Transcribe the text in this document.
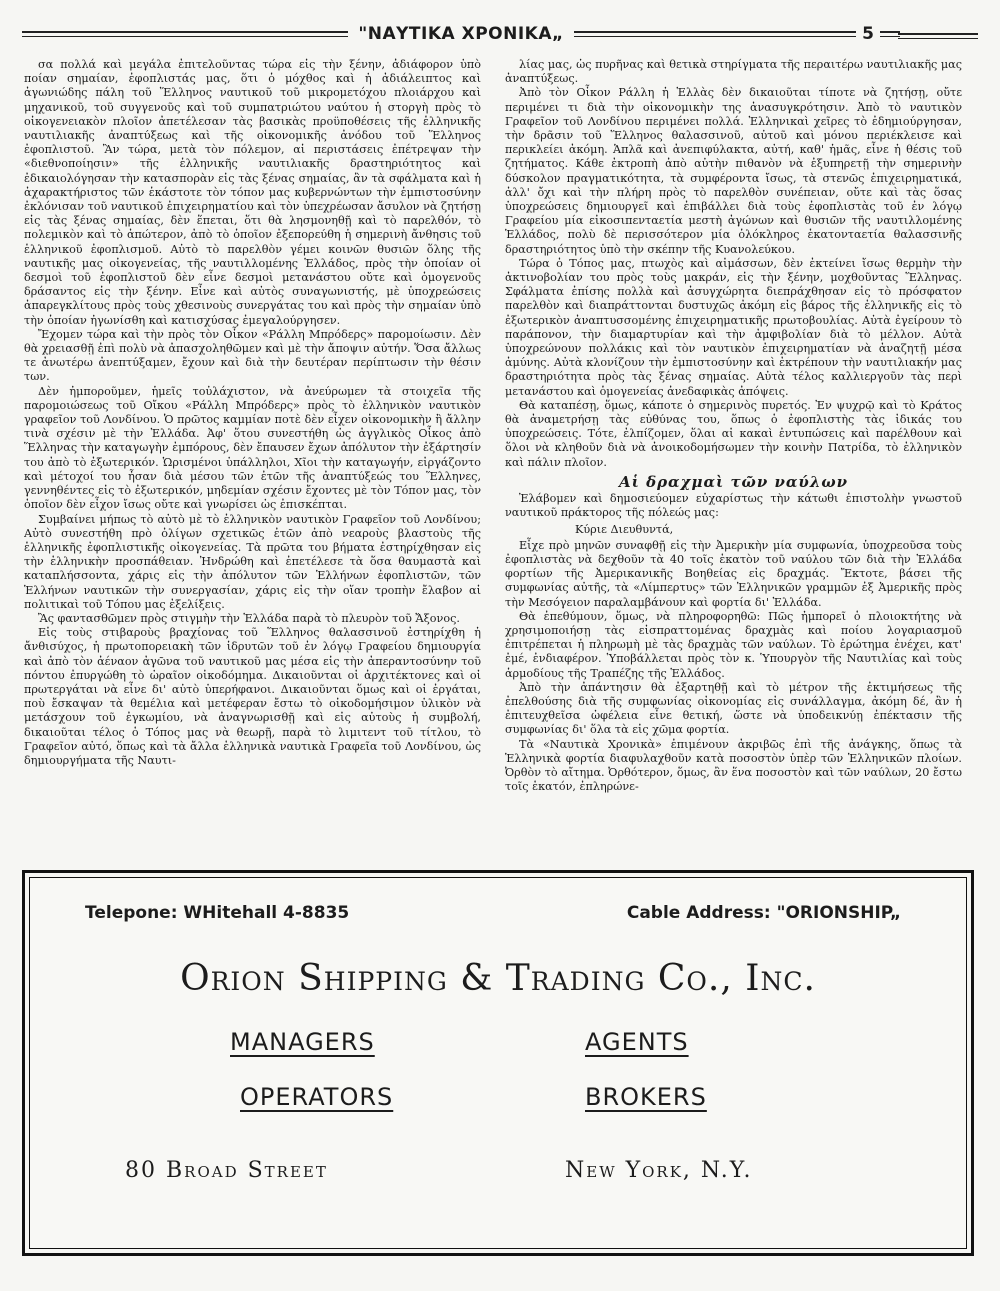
"ΝΑΥΤΙΚΑ ΧΡΟΝΙΚΑ„	5

σα πολλά καὶ μεγάλα ἐπιτελοῦντας τώρα εἰς τὴν ξένην, ἀδιάφορον ὑπὸ ποίαν σημαίαν, ἐφοπλιστάς μας, ὅτι ὁ μόχθος καὶ ἡ ἀδιάλειπτος καὶ ἀγωνιώδης πάλη τοῦ Ἕλληνος ναυτικοῦ τοῦ μικρομετόχου πλοιάρχου καὶ μηχανικοῦ, τοῦ συγγενοῦς καὶ τοῦ συμπατριώτου ναύτου ἡ στοργὴ πρὸς τὸ οἰκογενειακὸν πλοῖον ἀπετέλεσαν τὰς βασικὰς προϋποθέσεις τῆς ἑλληνικῆς ναυτιλιακῆς ἀναπτύξεως καὶ τῆς οἰκονομικῆς ἀνόδου τοῦ Ἕλληνος ἐφοπλιστοῦ. Ἂν τώρα, μετὰ τὸν πόλεμον, αἱ περιστάσεις ἐπέτρεψαν τὴν «διεθνοποίησιν» τῆς ἑλληνικῆς ναυτιλιακῆς δραστηριότητος καὶ ἐδικαιολόγησαν τὴν κατασπορὰν εἰς τὰς ξένας σημαίας, ἂν τὰ σφάλματα καὶ ἡ ἀχαρακτήριστος τῶν ἑκάστοτε τὸν τόπον μας κυβερνώντων τὴν ἐμπιστοσύνην ἐκλόνισαν τοῦ ναυτικοῦ ἐπιχειρηματίου καὶ τὸν ὑπεχρέωσαν ἄσυλον νὰ ζητήσῃ εἰς τὰς ξένας σημαίας, δὲν ἕπεται, ὅτι θὰ λησμονηθῇ καὶ τὸ παρελθόν, τὸ πολεμικὸν καὶ τὸ ἀπώτερον, ἀπὸ τὸ ὁποῖον ἐξεπορεύθη ἡ σημερινὴ ἄνθησις τοῦ ἑλληνικοῦ ἐφοπλισμοῦ. Αὐτὸ τὸ παρελθὸν γέμει κοινῶν θυσιῶν ὅλης τῆς ναυτικῆς μας οἰκογενείας, τῆς ναυτιλλομένης Ἑλλάδος, πρὸς τὴν ὁποίαν οἱ δεσμοὶ τοῦ ἐφοπλιστοῦ δὲν εἶνε δεσμοὶ μετανάστου οὔτε καὶ ὁμογενοῦς δράσαντος εἰς τὴν ξένην. Εἶνε καὶ αὐτὸς συναγωνιστής, μὲ ὑποχρεώσεις ἀπαρεγκλίτους πρὸς τοὺς χθεσινοὺς συνεργάτας του καὶ πρὸς τὴν σημαίαν ὑπὸ τὴν ὁποίαν ἠγωνίσθη καὶ κατισχύσας ἐμεγαλούργησεν.

Ἔχομεν τώρα καὶ τὴν πρὸς τὸν Οἶκον «Ράλλη Μπρόδερς» παρομοίωσιν. Δὲν θὰ χρειασθῇ ἐπὶ πολὺ νὰ ἀπασχοληθῶμεν καὶ μὲ τὴν ἄποψιν αὐτήν. Ὅσα ἄλλως τε ἀνωτέρω ἀνεπτύξαμεν, ἔχουν καὶ διὰ τὴν δευτέραν περίπτωσιν τὴν θέσιν των.

Δὲν ἠμποροῦμεν, ἡμεῖς τοὐλάχιστον, νὰ ἀνεύρωμεν τὰ στοιχεῖα τῆς παρομοιώσεως τοῦ Οἴκου «Ράλλη Μπρόδερς» πρὸς τὸ ἑλληνικὸν ναυτικὸν γραφεῖον τοῦ Λονδίνου. Ὁ πρῶτος καμμίαν ποτὲ δὲν εἶχεν οἰκονομικὴν ἢ ἄλλην τινὰ σχέσιν μὲ τὴν Ἑλλάδα. Ἀφ' ὅτου συνεστήθη ὡς ἀγγλικὸς Οἶκος ἀπὸ Ἕλληνας τὴν καταγωγὴν ἐμπόρους, δὲν ἔπαυσεν ἔχων ἀπόλυτον τὴν ἐξάρτησίν του ἀπὸ τὸ ἐξωτερικόν. Ὡρισμένοι ὑπάλληλοι, Χῖοι τὴν καταγωγήν, εἰργάζοντο καὶ μέτοχοί του ἦσαν διὰ μέσου τῶν ἐτῶν τῆς ἀναπτύξεώς του Ἕλληνες, γεννηθέντες εἰς τὸ ἐξωτερικόν, μηδεμίαν σχέσιν ἔχοντες μὲ τὸν Τόπον μας, τὸν ὁποῖον δὲν εἶχον ἴσως οὔτε καὶ γνωρίσει ὡς ἐπισκέπται.

Συμβαίνει μήπως τὸ αὐτὸ μὲ τὸ ἑλληνικὸν ναυτικὸν Γραφεῖον τοῦ Λονδίνου; Αὐτὸ συνεστήθη πρὸ ὀλίγων σχετικῶς ἐτῶν ἀπὸ νεαροὺς βλαστοὺς τῆς ἑλληνικῆς ἐφοπλιστικῆς οἰκογενείας. Τὰ πρῶτα του βήματα ἐστηρίχθησαν εἰς τὴν ἑλληνικὴν προσπάθειαν. Ἠνδρώθη καὶ ἐπετέλεσε τὰ ὅσα θαυμαστὰ καὶ καταπλήσσοντα, χάρις εἰς τὴν ἀπόλυτον τῶν Ἑλλήνων ἐφοπλιστῶν, τῶν Ἑλλήνων ναυτικῶν τὴν συνεργασίαν, χάρις εἰς τὴν οἵαν τροπὴν ἔλαβον αἱ πολιτικαὶ τοῦ Τόπου μας ἐξελίξεις.

Ἂς φαντασθῶμεν πρὸς στιγμὴν τὴν Ἑλλάδα παρὰ τὸ πλευρὸν τοῦ Ἄξονος.

Εἰς τοὺς στιβαροὺς βραχίονας τοῦ Ἕλληνος θαλασσινοῦ ἐστηρίχθη ἡ ἄνθισύχος, ἡ πρωτοπορειακὴ τῶν ἱδρυτῶν τοῦ ἐν λόγῳ Γραφείου δημιουργία καὶ ἀπὸ τὸν ἀέναον ἀγῶνα τοῦ ναυτικοῦ μας μέσα εἰς τὴν ἀπεραντοσύνην τοῦ πόντου ἐπυργώθη τὸ ὡραῖον οἰκοδόμημα. Δικαιοῦνται οἱ ἀρχιτέκτονες καὶ οἱ πρωτεργάται νὰ εἶνε δι' αὐτὸ ὑπερήφανοι. Δικαιοῦνται ὅμως καὶ οἱ ἐργάται, ποὺ ἔσκαψαν τὰ θεμέλια καὶ μετέφεραν ἔστω τὸ οἰκοδομήσιμον ὑλικὸν νὰ μετάσχουν τοῦ ἐγκωμίου, νὰ ἀναγνωρισθῇ καὶ εἰς αὐτοὺς ἡ συμβολή, δικαιοῦται τέλος ὁ Τόπος μας νὰ θεωρῇ, παρὰ τὸ λιμιτεντ τοῦ τίτλου, τὸ Γραφεῖον αὐτό, ὅπως καὶ τὰ ἄλλα ἑλληνικὰ ναυτικὰ Γραφεῖα τοῦ Λονδίνου, ὡς δημιουργήματα τῆς Ναυτι-

λίας μας, ὡς πυρῆνας καὶ θετικὰ στηρίγματα τῆς περαιτέρω ναυτιλιακῆς μας ἀναπτύξεως.

Ἀπὸ τὸν Οἶκον Ράλλη ἡ Ἑλλὰς δὲν δικαιοῦται τίποτε νὰ ζητήσῃ, οὔτε περιμένει τι διὰ τὴν οἰκονομικὴν της ἀνασυγκρότησιν. Ἀπὸ τὸ ναυτικὸν Γραφεῖον τοῦ Λονδίνου περιμένει πολλά. Ἑλληνικαὶ χεῖρες τὸ ἐδημιούργησαν, τὴν δρᾶσιν τοῦ Ἕλληνος θαλασσινοῦ, αὐτοῦ καὶ μόνου περιέκλεισε καὶ περικλείει ἀκόμη. Ἁπλᾶ καὶ ἀνεπιφύλακτα, αὐτή, καθ' ἡμᾶς, εἶνε ἡ θέσις τοῦ ζητήματος. Κάθε ἐκτροπὴ ἀπὸ αὐτὴν πιθανὸν νὰ ἐξυπηρετῇ τὴν σημερινὴν δύσκολον πραγματικότητα, τὰ συμφέροντα ἴσως, τὰ στενῶς ἐπιχειρηματικά, ἀλλ' ὄχι καὶ τὴν πλήρη πρὸς τὸ παρελθὸν συνέπειαν, οὔτε καὶ τὰς ὅσας ὑποχρεώσεις δημιουργεῖ καὶ ἐπιβάλλει διὰ τοὺς ἐφοπλιστὰς τοῦ ἐν λόγῳ Γραφείου μία εἰκοσιπενταετία μεστὴ ἀγώνων καὶ θυσιῶν τῆς ναυτιλλομένης Ἑλλάδος, πολὺ δὲ περισσότερον μία ὁλόκληρος ἑκατονταετία θαλασσινῆς δραστηριότητος ὑπὸ τὴν σκέπην τῆς Κυανολεύκου.

Τώρα ὁ Τόπος μας, πτωχὸς καὶ αἱμάσσων, δὲν ἐκτείνει ἴσως θερμὴν τὴν ἀκτινοβολίαν του πρὸς τοὺς μακράν, εἰς τὴν ξένην, μοχθοῦντας Ἕλληνας. Σφάλματα ἐπίσης πολλὰ καὶ ἀσυγχώρητα διεπράχθησαν εἰς τὸ πρόσφατον παρελθὸν καὶ διαπράττονται δυστυχῶς ἀκόμη εἰς βάρος τῆς ἑλληνικῆς εἰς τὸ ἐξωτερικὸν ἀναπτυσσομένης ἐπιχειρηματικῆς πρωτοβουλίας. Αὐτὰ ἐγείρουν τὸ παράπονον, τὴν διαμαρτυρίαν καὶ τὴν ἀμφιβολίαν διὰ τὸ μέλλον. Αὐτὰ ὑποχρεώνουν πολλάκις καὶ τὸν ναυτικὸν ἐπιχειρηματίαν νὰ ἀναζητῇ μέσα ἀμύνης. Αὐτὰ κλονίζουν τὴν ἐμπιστοσύνην καὶ ἐκτρέπουν τὴν ναυτιλιακήν μας δραστηριότητα πρὸς τὰς ξένας σημαίας. Αὐτὰ τέλος καλλιεργοῦν τὰς περὶ μετανάστου καὶ ὁμογενείας ἀνεδαφικὰς ἀπόψεις.

Θὰ καταπέσῃ, ὅμως, κάποτε ὁ σημερινὸς πυρετός. Ἐν ψυχρῷ καὶ τὸ Κράτος θὰ ἀναμετρήσῃ τὰς εὐθύνας του, ὅπως ὁ ἐφοπλιστὴς τὰς ἰδικάς του ὑποχρεώσεις. Τότε, ἐλπίζομεν, ὅλαι αἱ κακαὶ ἐντυπώσεις καὶ παρέλθουν καὶ ὅλοι νὰ κληθοῦν διὰ νὰ ἀνοικοδομήσωμεν τὴν κοινὴν Πατρίδα, τὸ ἑλληνικὸν καὶ πάλιν πλοῖον.

Αἱ δραχμαὶ τῶν ναύλων

Ἐλάβομεν καὶ δημοσιεύομεν εὐχαρίστως τὴν κάτωθι ἐπιστολὴν γνωστοῦ ναυτικοῦ πράκτορος τῆς πόλεώς μας:

Κύριε Διευθυντά,

Εἶχε πρὸ μηνῶν συναφθῇ εἰς τὴν Ἀμερικὴν μία συμφωνία, ὑποχρεοῦσα τοὺς ἐφοπλιστὰς νὰ δεχθοῦν τὰ 40 τοῖς ἑκατὸν τοῦ ναύλου τῶν διὰ τὴν Ἑλλάδα φορτίων τῆς Ἀμερικανικῆς Βοηθείας εἰς δραχμάς. Ἔκτοτε, βάσει τῆς συμφωνίας αὐτῆς, τὰ «Λίμπερτυς» τῶν Ἑλληνικῶν γραμμῶν ἐξ Ἀμερικῆς πρὸς τὴν Μεσόγειον παραλαμβάνουν καὶ φορτία δι' Ἑλλάδα.

Θὰ ἐπεθύμουν, ὅμως, νὰ πληροφορηθῶ: Πῶς ἠμπορεῖ ὁ πλοιοκτήτης νὰ χρησιμοποιήσῃ τὰς εἰσπραττομένας δραχμὰς καὶ ποίου λογαριασμοῦ ἐπιτρέπεται ἡ πληρωμὴ μὲ τὰς δραχμὰς τῶν ναύλων. Τὸ ἐρώτημα ἐνέχει, κατ' ἐμέ, ἐνδιαφέρον. Ὑποβάλλεται πρὸς τὸν κ. Ὑπουργὸν τῆς Ναυτιλίας καὶ τοὺς ἁρμοδίους τῆς Τραπέζης τῆς Ἑλλάδος.

Ἀπὸ τὴν ἀπάντησιν θὰ ἐξαρτηθῇ καὶ τὸ μέτρον τῆς ἐκτιμήσεως τῆς ἐπελθούσης διὰ τῆς συμφωνίας οἰκονομίας εἰς συνάλλαγμα, ἀκόμη δέ, ἂν ἡ ἐπιτευχθεῖσα ὠφέλεια εἶνε θετική, ὥστε νὰ ὑποδεικνύῃ ἐπέκτασιν τῆς συμφωνίας δι' ὅλα τὰ εἰς χῶμα φορτία.

Τὰ «Ναυτικὰ Χρονικὰ» ἐπιμένουν ἀκριβῶς ἐπὶ τῆς ἀνάγκης, ὅπως τὰ Ἑλληνικὰ φορτία διαφυλαχθοῦν κατὰ ποσοστὸν ὑπὲρ τῶν Ἑλληνικῶν πλοίων. Ὀρθὸν τὸ αἴτημα. Ὀρθότερον, ὅμως, ἂν ἕνα ποσοστὸν καὶ τῶν ναύλων, 20 ἔστω τοῖς ἑκατόν, ἐπληρώνε-

Telepone: WHitehall 4-8835	Cable Address: "ORIONSHIP„
Orion Shipping & Trading Co., Inc.
MANAGERS	AGENTS
OPERATORS	BROKERS
80 Broad Street	New York, N.Y.
